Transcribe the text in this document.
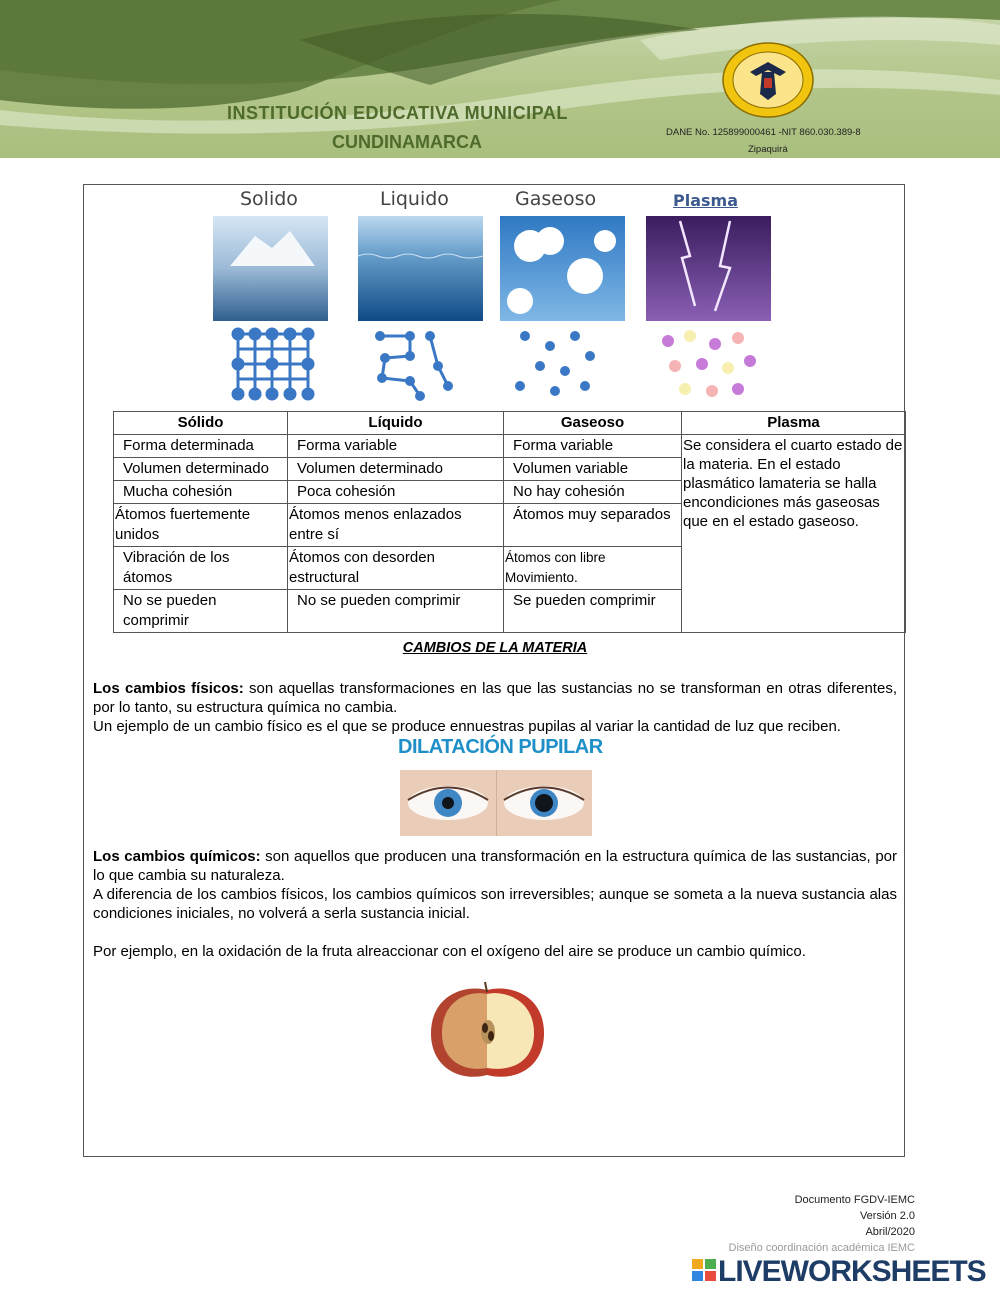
INSTITUCIÓN EDUCATIVA MUNICIPAL
CUNDINAMARCA	DANE No. 125899000461 -NIT 860.030.389-8
Zipaquirá
Solido	Liquido	Gaseoso	Plasma
Sólido	Líquido	Gaseoso	Plasma
Forma determinada	Forma variable	Forma variable	Se considera el cuarto estado de la materia. En el estado plasmático lamateria se halla encondiciones más gaseosas que en el estado gaseoso.
Volumen determinado	Volumen determinado	Volumen variable	
Mucha cohesión	Poca cohesión	No hay cohesión	
Átomos fuertemente unidos	Átomos menos enlazados entre sí	Átomos muy separados	
Vibración de los átomos	Átomos con desorden estructural	Átomos con libre Movimiento.	
No se pueden comprimir	No se pueden comprimir	Se pueden comprimir	
CAMBIOS DE LA MATERIA
Los cambios físicos: son aquellas transformaciones en las que las sustancias no se transforman en otras diferentes, por lo tanto, su estructura química no cambia.
Un ejemplo de un cambio físico es el que se produce ennuestras pupilas al variar la cantidad de luz que reciben.
DILATACIÓN PUPILAR
Los cambios químicos: son aquellos que producen una transformación en la estructura química de las sustancias, por lo que cambia su naturaleza.
A diferencia de los cambios físicos, los cambios químicos son irreversibles; aunque se someta a la nueva sustancia alas condiciones iniciales, no volverá a serla sustancia inicial.
Por ejemplo, en la oxidación de la fruta alreaccionar con el oxígeno del aire se produce un cambio químico.
Documento FGDV-IEMC
Versión 2.0
Abril/2020
Diseño coordinación académica IEMC
LIVEWORKSHEETS
